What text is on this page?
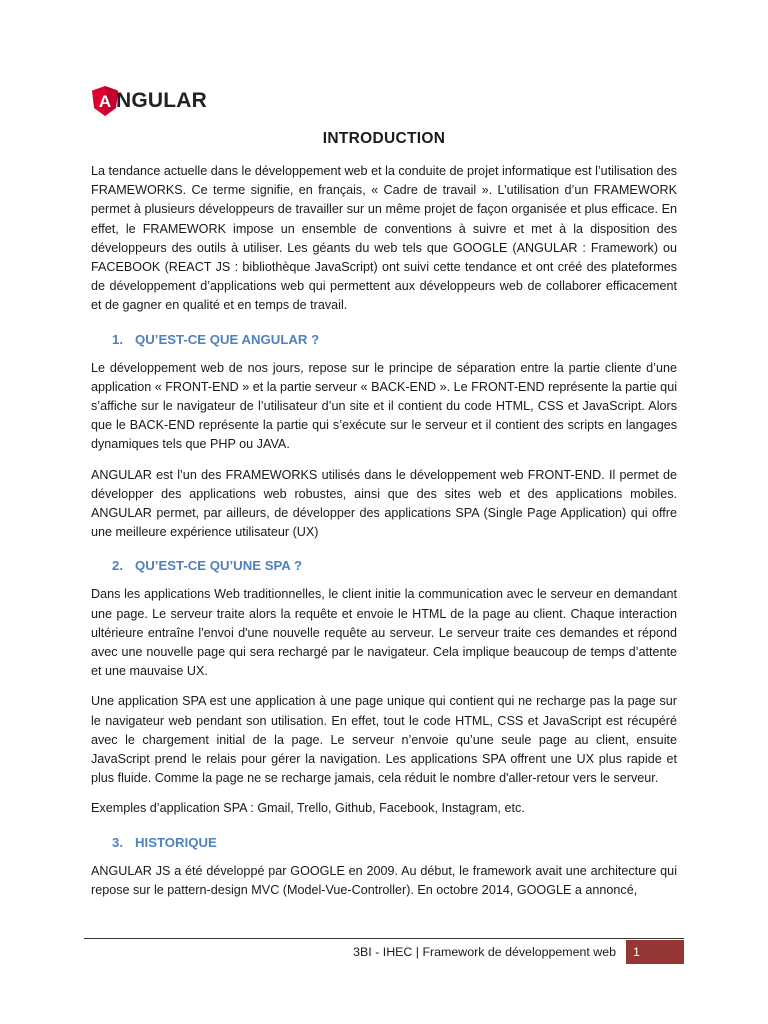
A NGULAR
INTRODUCTION

La tendance actuelle dans le développement web et la conduite de projet informatique est l’utilisation des FRAMEWORKS. Ce terme signifie, en français, « Cadre de travail ». L’utilisation d’un FRAMEWORK permet à plusieurs développeurs de travailler sur un même projet de façon organisée et plus efficace. En effet, le FRAMEWORK impose un ensemble de conventions à suivre et met à la disposition des développeurs des outils à utiliser. Les géants du web tels que GOOGLE (ANGULAR : Framework) ou FACEBOOK (REACT JS : bibliothèque JavaScript) ont suivi cette tendance et ont créé des plateformes de développement d’applications web qui permettent aux développeurs web de collaborer efficacement et de gagner en qualité et en temps de travail.

1. QU’EST-CE QUE ANGULAR ?

Le développement web de nos jours, repose sur le principe de séparation entre la partie cliente d’une application « FRONT-END » et la partie serveur « BACK-END ». Le FRONT-END représente la partie qui s’affiche sur le navigateur de l’utilisateur d’un site et il contient du code HTML, CSS et JavaScript. Alors que le BACK-END représente la partie qui s’exécute sur le serveur et il contient des scripts en langages dynamiques tels que PHP ou JAVA.

ANGULAR est l’un des FRAMEWORKS utilisés dans le développement web FRONT-END. Il permet de développer des applications web robustes, ainsi que des sites web et des applications mobiles. ANGULAR permet, par ailleurs, de développer des applications SPA (Single Page Application) qui offre une meilleure expérience utilisateur (UX)

2. QU’EST-CE QU’UNE SPA ?

Dans les applications Web traditionnelles, le client initie la communication avec le serveur en demandant une page. Le serveur traite alors la requête et envoie le HTML de la page au client. Chaque interaction ultérieure entraîne l'envoi d'une nouvelle requête au serveur. Le serveur traite ces demandes et répond avec une nouvelle page qui sera rechargé par le navigateur. Cela implique beaucoup de temps d’attente et une mauvaise UX.

Une application SPA est une application à une page unique qui contient qui ne recharge pas la page sur le navigateur web pendant son utilisation. En effet, tout le code HTML, CSS et JavaScript est récupéré avec le chargement initial de la page. Le serveur n’envoie qu’une seule page au client, ensuite JavaScript prend le relais pour gérer la navigation. Les applications SPA offrent une UX plus rapide et plus fluide. Comme la page ne se recharge jamais, cela réduit le nombre d'aller-retour vers le serveur.

Exemples d’application SPA : Gmail, Trello, Github, Facebook, Instagram, etc.

3. HISTORIQUE

ANGULAR JS a été développé par GOOGLE en 2009. Au début, le framework avait une architecture qui repose sur le pattern-design MVC (Model-Vue-Controller). En octobre 2014, GOOGLE a annoncé,

3BI - IHEC | Framework de développement web	1
